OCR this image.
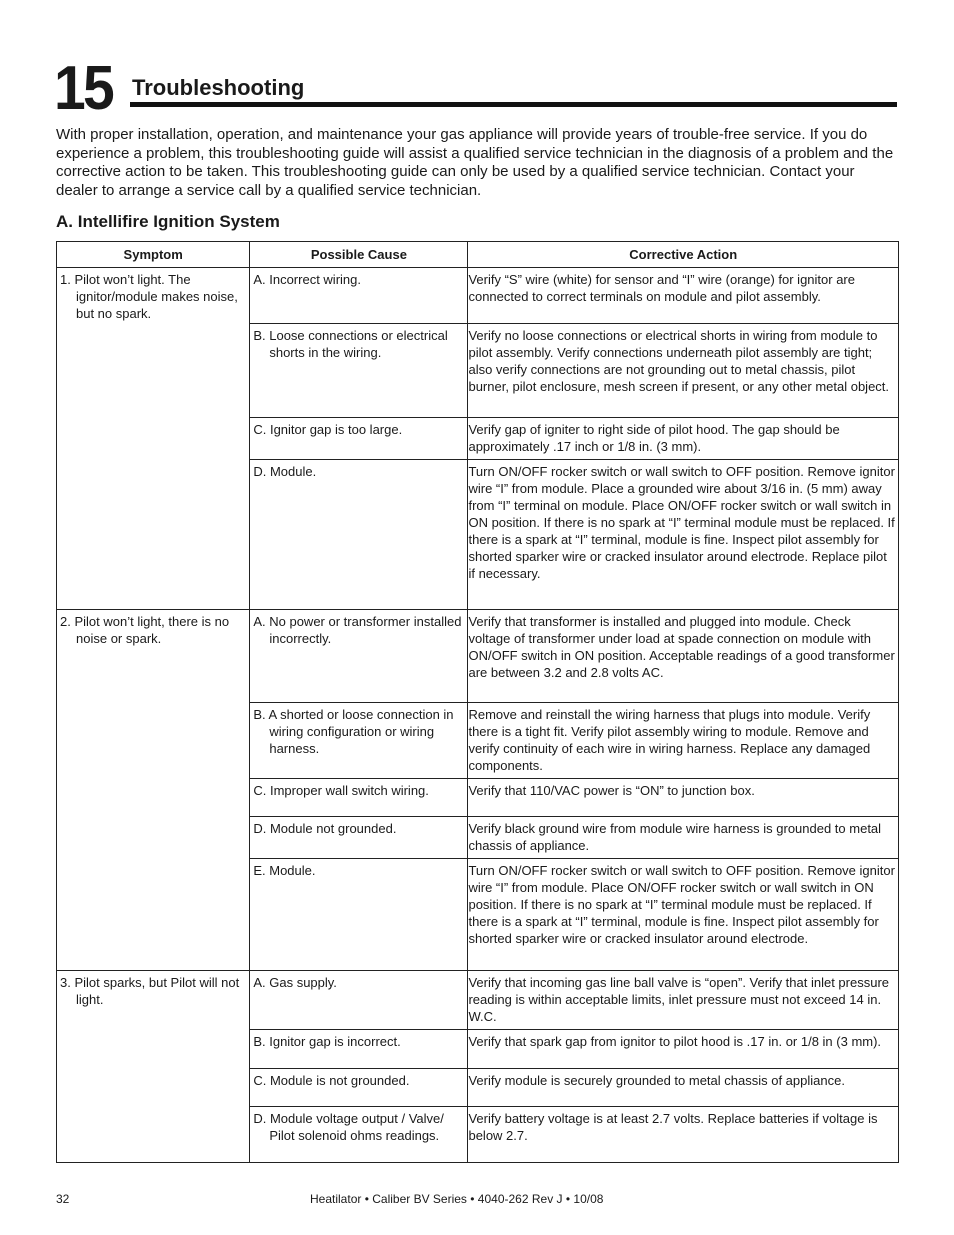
15 Troubleshooting

With proper installation, operation, and maintenance your gas appliance will provide years of trouble-free service. If you do experience a problem, this troubleshooting guide will assist a qualified service technician in the diagnosis of a problem and the corrective action to be taken. This troubleshooting guide can only be used by a qualified service technician. Contact your dealer to arrange a service call by a qualified service technician.

A. Intellifire Ignition System
Symptom	Possible Cause	Corrective Action

1. Pilot won’t light. The ignitor/module makes noise, but no spark.	A. Incorrect wiring.	Verify “S” wire (white) for sensor and “I” wire (orange) for ignitor are connected to correct terminals on module and pilot assembly.

	B. Loose connections or electrical shorts in the wiring.	Verify no loose connections or electrical shorts in wiring from module to pilot assembly. Verify connections underneath pilot assembly are tight; also verify connections are not grounding out to metal chassis, pilot burner, pilot enclosure, mesh screen if present, or any other metal object.

	C. Ignitor gap is too large.	Verify gap of igniter to right side of pilot hood. The gap should be approximately .17 inch or 1/8 in. (3 mm).

	D. Module.	Turn ON/OFF rocker switch or wall switch to OFF position. Remove ignitor wire “I” from module. Place a grounded wire about 3/16 in. (5 mm) away from “I” terminal on module. Place ON/OFF rocker switch or wall switch in ON position. If there is no spark at “I” terminal module must be replaced. If there is a spark at “I” terminal, module is fine. Inspect pilot assembly for shorted sparker wire or cracked insulator around electrode. Replace pilot if necessary.

2. Pilot won’t light, there is no noise or spark.	A. No power or transformer installed incorrectly.	Verify that transformer is installed and plugged into module. Check voltage of transformer under load at spade connection on module with ON/OFF switch in ON position. Acceptable readings of a good transformer are between 3.2 and 2.8 volts AC.

	B. A shorted or loose connection in wiring configuration or wiring harness.	Remove and reinstall the wiring harness that plugs into module. Verify there is a tight fit. Verify pilot assembly wiring to module. Remove and verify continuity of each wire in wiring harness. Replace any damaged components.

	C. Improper wall switch wiring.	Verify that 110/VAC power is “ON” to junction box.

	D. Module not grounded.	Verify black ground wire from module wire harness is grounded to metal chassis of appliance.

	E. Module.	Turn ON/OFF rocker switch or wall switch to OFF position. Remove ignitor wire “I” from module. Place ON/OFF rocker switch or wall switch in ON position. If there is no spark at “I” terminal module must be replaced. If there is a spark at “I” terminal, module is fine. Inspect pilot assembly for shorted sparker wire or cracked insulator around electrode.

3. Pilot sparks, but Pilot will not light.	A. Gas supply.	Verify that incoming gas line ball valve is “open”. Verify that inlet pressure reading is within acceptable limits, inlet pressure must not exceed 14 in. W.C.

	B. Ignitor gap is incorrect.	Verify that spark gap from ignitor to pilot hood is .17 in. or 1/8 in (3 mm).

	C. Module is not grounded.	Verify module is securely grounded to metal chassis of appliance.

	D. Module voltage output / Valve/ Pilot solenoid ohms readings.	Verify battery voltage is at least 2.7 volts. Replace batteries if voltage is below 2.7.
32	Heatilator • Caliber BV Series • 4040-262 Rev J • 10/08
